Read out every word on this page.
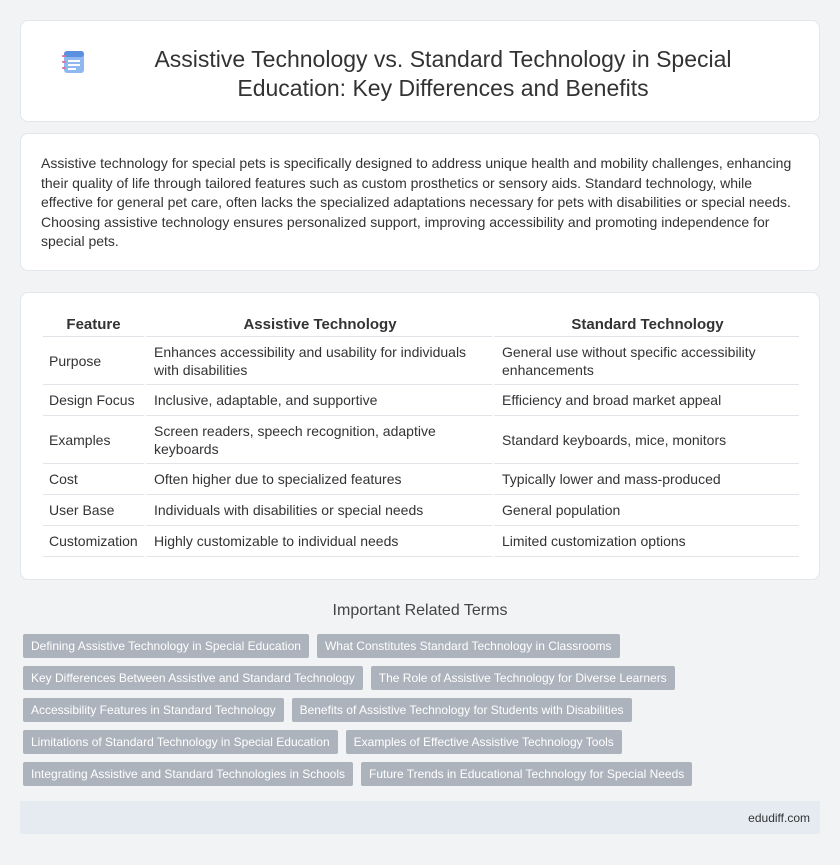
Assistive Technology vs. Standard Technology in Special Education: Key Differences and Benefits

Assistive technology for special pets is specifically designed to address unique health and mobility challenges, enhancing their quality of life through tailored features such as custom prosthetics or sensory aids. Standard technology, while effective for general pet care, often lacks the specialized adaptations necessary for pets with disabilities or special needs. Choosing assistive technology ensures personalized support, improving accessibility and promoting independence for special pets.

Feature	Assistive Technology	Standard Technology
Purpose	Enhances accessibility and usability for individuals with disabilities	General use without specific accessibility enhancements
Design Focus	Inclusive, adaptable, and supportive	Efficiency and broad market appeal
Examples	Screen readers, speech recognition, adaptive keyboards	Standard keyboards, mice, monitors
Cost	Often higher due to specialized features	Typically lower and mass-produced
User Base	Individuals with disabilities or special needs	General population
Customization	Highly customizable to individual needs	Limited customization options
Important Related Terms
Defining Assistive Technology in Special Education	What Constitutes Standard Technology in Classrooms
Key Differences Between Assistive and Standard Technology	The Role of Assistive Technology for Diverse Learners
Accessibility Features in Standard Technology	Benefits of Assistive Technology for Students with Disabilities
Limitations of Standard Technology in Special Education	Examples of Effective Assistive Technology Tools
Integrating Assistive and Standard Technologies in Schools	Future Trends in Educational Technology for Special Needs
edudiff.com
